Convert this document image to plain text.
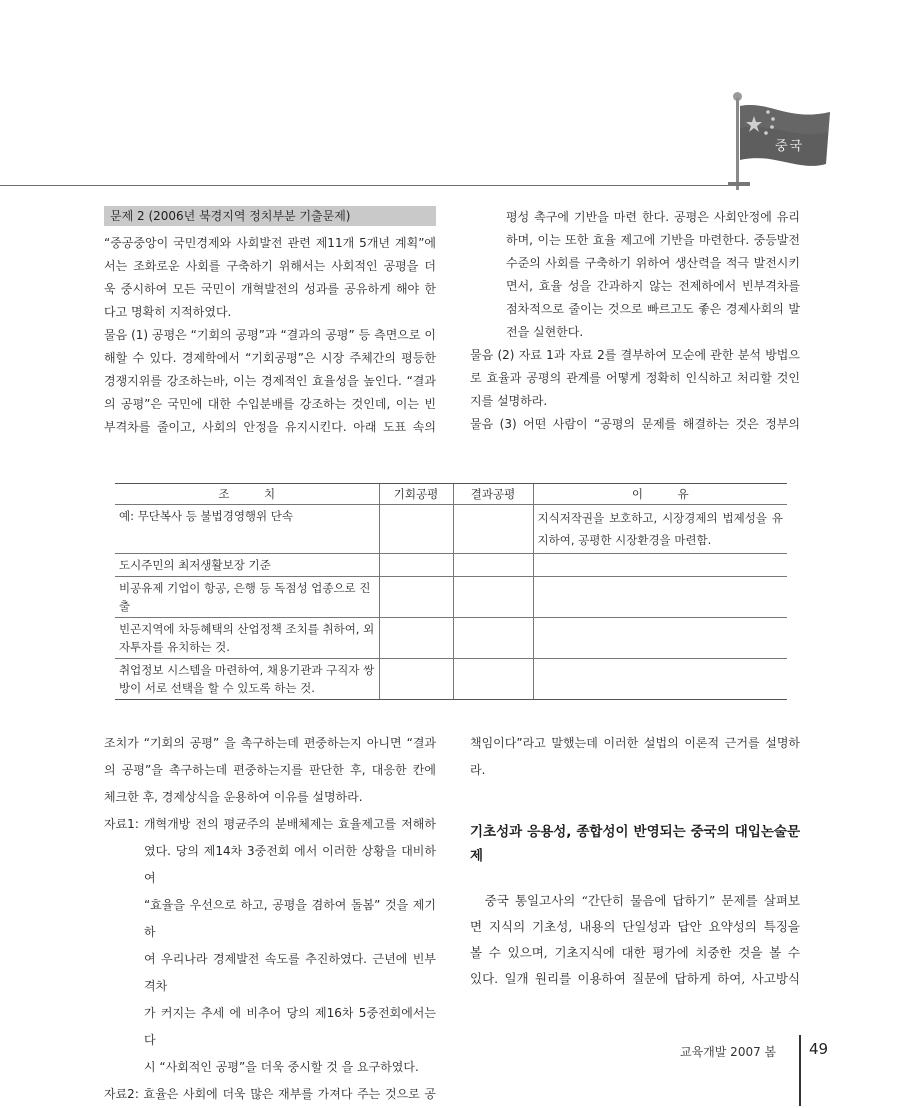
중국
문제 2 (2006년 북경지역 정치부분 기출문제)

“중공중앙이 국민경제와 사회발전 관련 제11개 5개년 계획”에

서는 조화로운 사회를 구축하기 위해서는 사회적인 공평을 더

욱 중시하여 모든 국민이 개혁발전의 성과를 공유하게 해야 한

다고 명확히 지적하였다.

물음 (1) 공평은 “기회의 공평”과 “결과의 공평” 등 측면으로 이

해할 수 있다. 경제학에서 “기회공평”은 시장 주체간의 평등한

경쟁지위를 강조하는바, 이는 경제적인 효율성을 높인다. “결과

의 공평”은 국민에 대한 수입분배를 강조하는 것인데, 이는 빈

부격차를 줄이고, 사회의 안정을 유지시킨다. 아래 도표 속의

평성 촉구에 기반을 마련 한다. 공평은 사회안정에 유리

하며, 이는 또한 효율 제고에 기반을 마련한다. 중등발전

수준의 사회를 구축하기 위하여 생산력을 적극 발전시키

면서, 효율 성을 간과하지 않는 전제하에서 빈부격차를

점차적으로 줄이는 것으로 빠르고도 좋은 경제사회의 발

전을 실현한다.

물음 (2) 자료 1과 자료 2를 결부하여 모순에 관한 분석 방법으

로 효율과 공평의 관계를 어떻게 정확히 인식하고 처리할 것인

지를 설명하라.

물음 (3) 어떤 사람이 “공평의 문제를 해결하는 것은 정부의

조　　　치	기회공평	결과공평	이　　　유
예: 무단복사 등 불법경영행위 단속			지식저작권을 보호하고, 시장경제의 법제성을 유지하여, 공평한 시장환경을 마련함.
도시주민의 최저생활보장 기준			
비공유제 기업이 항공, 은행 등 독점성 업종으로 진출			
빈곤지역에 차등혜택의 산업정책 조치를 취하여, 외자투자를 유치하는 것.			
취업정보 시스템을 마련하여, 채용기관과 구직자 쌍방이 서로 선택을 할 수 있도록 하는 것.			

조치가 “기회의 공평” 을 촉구하는데 편중하는지 아니면 “결과

의 공평”을 촉구하는데 편중하는지를 판단한 후, 대응한 칸에

체크한 후, 경제상식을 운용하여 이유를 설명하라.

자료1: 개혁개방 전의 평균주의 분배체제는 효율제고를 저해하

였다. 당의 제14차 3중전회 에서 이러한 상황을 대비하여

“효율을 우선으로 하고, 공평을 겸하여 돌봄” 것을 제기하

여 우리나라 경제발전 속도를 추진하였다. 근년에 빈부격차

가 커지는 추세 에 비추어 당의 제16차 5중전회에서는 다

시 “사회적인 공평”을 더욱 중시할 것 을 요구하였다.

자료2: 효율은 사회에 더욱 많은 재부를 가져다 주는 것으로 공

책임이다”라고 말했는데 이러한 설법의 이론적 근거를 설명하

라.

기초성과 응용성, 종합성이 반영되는 중국의 대입논술문

제

　중국 통일고사의 “간단히 물음에 답하기” 문제를 살펴보

면 지식의 기초성, 내용의 단일성과 답안 요약성의 특징을

볼 수 있으며, 기초지식에 대한 평가에 치중한 것을 볼 수

있다. 일개 원리를 이용하여 질문에 답하게 하여, 사고방식

교육개발 2007 봄 49
